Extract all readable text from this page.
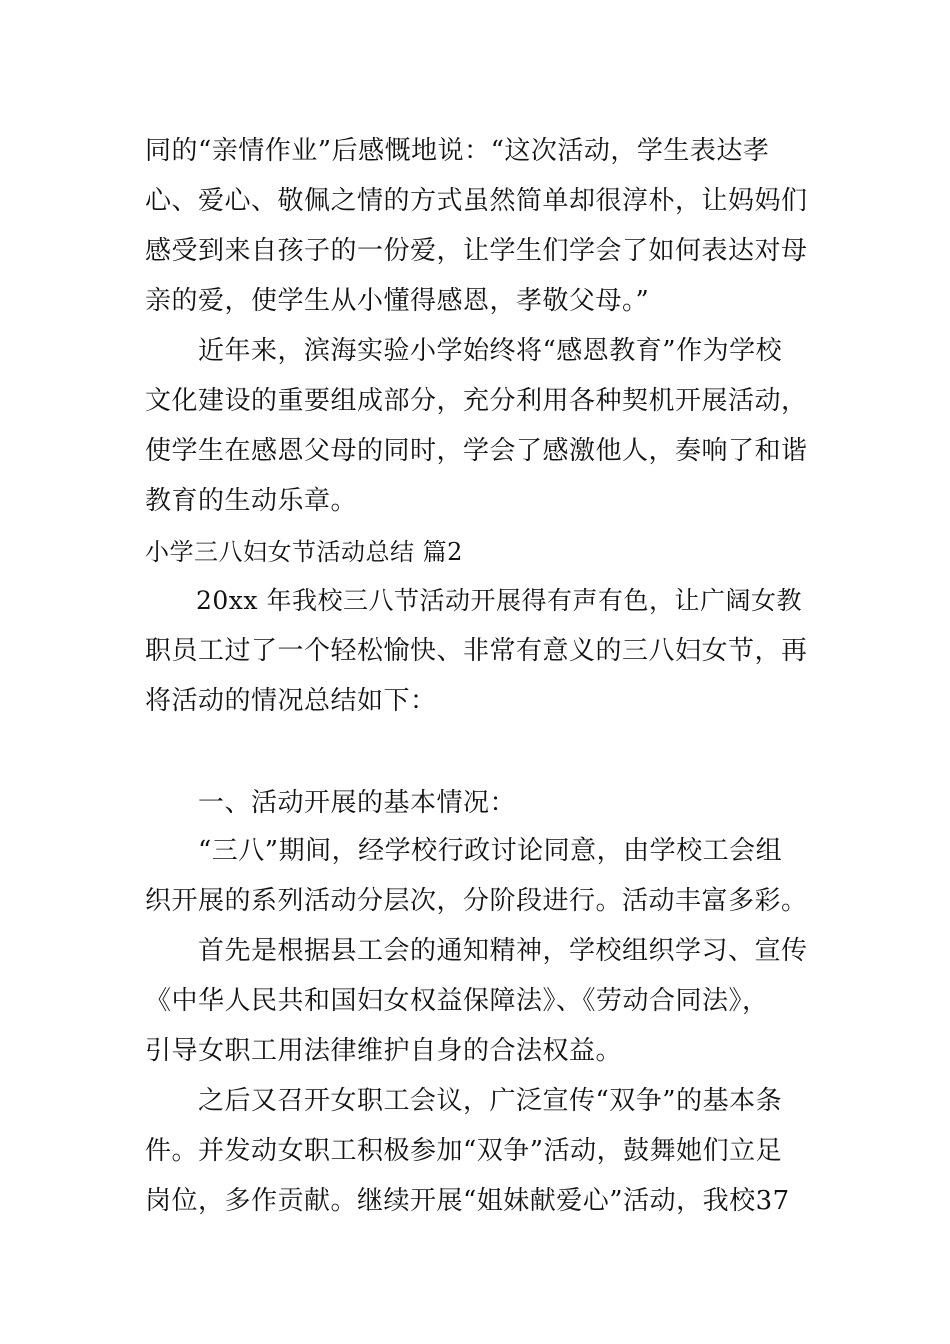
同的“亲情作业”后感慨地说：“这次活动，学生表达孝
心、爱心、敬佩之情的方式虽然简单却很淳朴，让妈妈们
感受到来自孩子的一份爱，让学生们学会了如何表达对母
亲的爱，使学生从小懂得感恩，孝敬父母。”
　　近年来，滨海实验小学始终将“感恩教育”作为学校
文化建设的重要组成部分，充分利用各种契机开展活动，
使学生在感恩父母的同时，学会了感激他人，奏响了和谐
教育的生动乐章。
小学三八妇女节活动总结 篇2
　　20xx 年我校三八节活动开展得有声有色，让广阔女教
职员工过了一个轻松愉快、非常有意义的三八妇女节，再
将活动的情况总结如下：
　　一、活动开展的基本情况：
　　“三八”期间，经学校行政讨论同意，由学校工会组
织开展的系列活动分层次，分阶段进行。活动丰富多彩。
　　首先是根据县工会的通知精神，学校组织学习、宣传
《中华人民共和国妇女权益保障法》、《劳动合同法》，
引导女职工用法律维护自身的合法权益。
　　之后又召开女职工会议，广泛宣传“双争”的基本条
件。并发动女职工积极参加“双争”活动，鼓舞她们立足
岗位，多作贡献。继续开展“姐妹献爱心”活动，我校37
